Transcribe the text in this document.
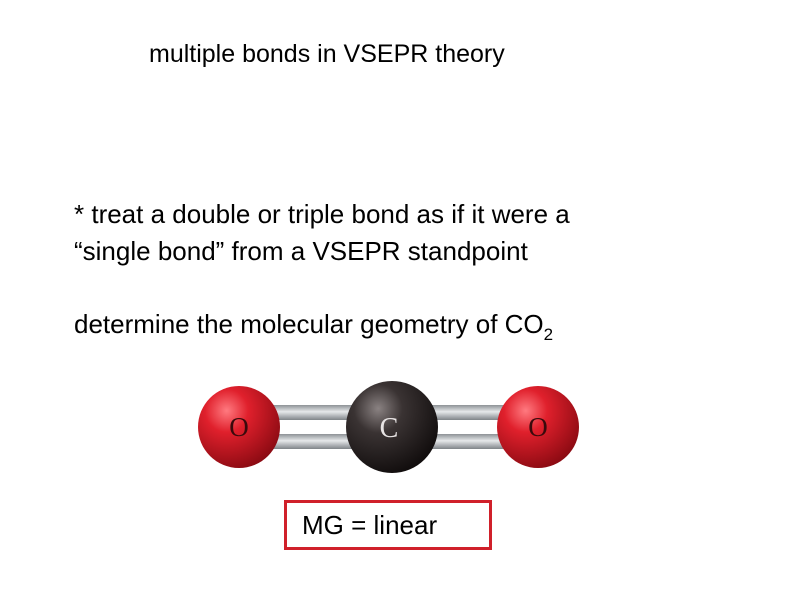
multiple bonds in VSEPR theory
* treat a double or triple bond as if it were a
“single bond” from a VSEPR standpoint
determine the molecular geometry of $CO_2$
O	C	O
MG = linear
